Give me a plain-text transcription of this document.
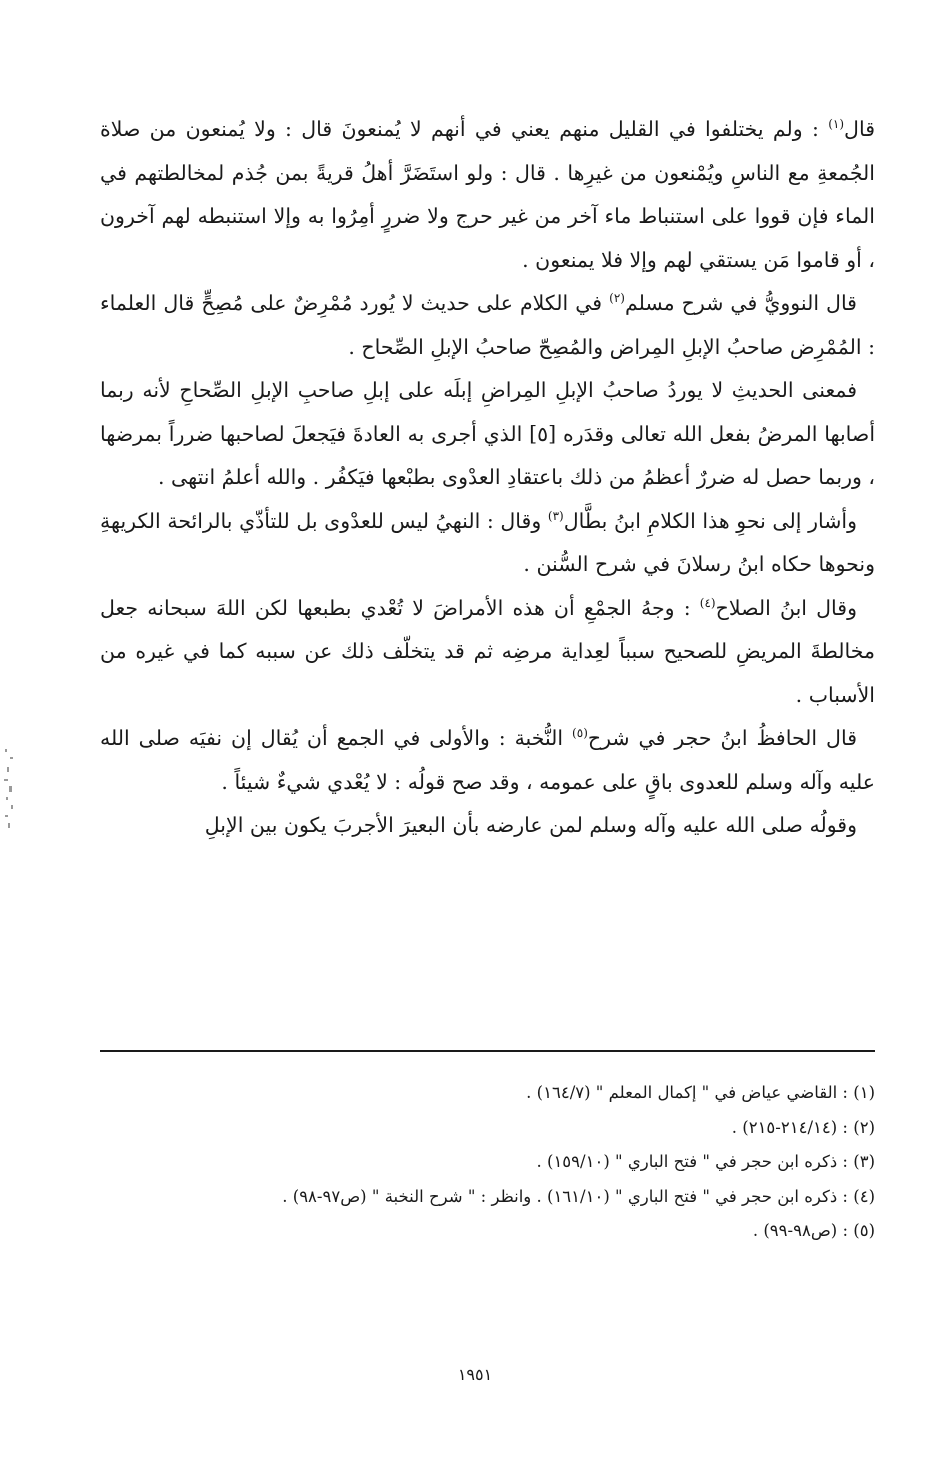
قال$^{(١)}$ : ولم يختلفوا في القليل منهم يعني في أنهم لا يُمنعونَ قال : ولا يُمنعون من صلاة الجُمعةِ مع الناسِ ويُمْنعون من غيرِها . قال : ولو استَضَرَّ أهلُ قريةً بمن جُذم لمخالطتهم في الماء فإن قووا على استنباط ماء آخر من غير حرج ولا ضررٍ أمِرُوا به وإلا استنبطه لهم آخرون ، أو قاموا مَن يستقي لهم وإلا فلا يمنعون .

قال النوويُّ في شرح مسلم$^{(٢)}$ في الكلام على حديث لا يُورد مُمْرِضٌ على مُصِحٍّ قال العلماء : المُمْرِض صاحبُ الإبلِ المِراض والمُصِحّ صاحبُ الإبلِ الصِّحاح .

فمعنى الحديثِ لا يوردُ صاحبُ الإبلِ المِراضِ إبلَه على إبلِ صاحبِ الإبلِ الصِّحاحِ لأنه ربما أصابها المرضُ بفعل الله تعالى وقدَره [٥] الذي أجرى به العادةَ فيَجعلَ لصاحبها ضرراً بمرضها ، وربما حصل له ضررٌ أعظمُ من ذلك باعتقادِ العدْوى بطبْعها فيَكفُر . والله أعلمُ انتهى .

وأشار إلى نحوِ هذا الكلامِ ابنُ بطَّال$^{(٣)}$ وقال : النهيُ ليس للعدْوى بل للتأذّي بالرائحة الكريهةِ ونحوها حكاه ابنُ رسلانَ في شرح السُّنن .

وقال ابنُ الصلاح$^{(٤)}$ : وجهُ الجمْعِ أن هذه الأمراضَ لا تُعْدي بطبعها لكن اللهَ سبحانه جعل مخالطةَ المريضِ للصحيح سبباً لعِداية مرضِه ثم قد يتخلّف ذلك عن سببه كما في غيره من الأسباب .

قال الحافظُ ابنُ حجر في شرح$^{(٥)}$ النُّخبة : والأولى في الجمع أن يُقال إن نفيَه صلى الله عليه وآله وسلم للعدوى باقٍ على عمومه ، وقد صح قولُه : لا يُعْدي شيءٌ شيئاً .

وقولُه صلى الله عليه وآله وسلم لمن عارضه بأن البعيرَ الأجربَ يكون بين الإبلِ

(١) : القاضي عياض في " إكمال المعلم " (١٦٤/٧) .
(٢) : (٢١٤/١٤-٢١٥) .
(٣) : ذكره ابن حجر في " فتح الباري " (١٥٩/١٠) .
(٤) : ذكره ابن حجر في " فتح الباري " (١٦١/١٠) . وانظر : " شرح النخبة " (ص٩٧-٩٨) .
(٥) : (ص٩٨-٩٩) .
١٩٥١
